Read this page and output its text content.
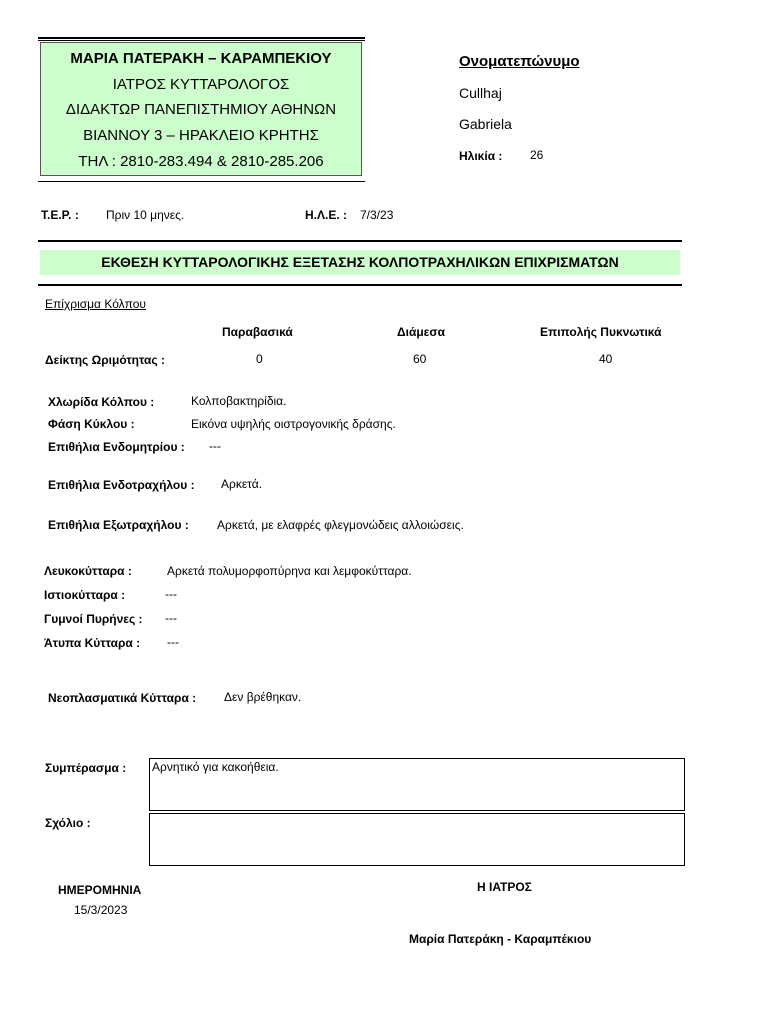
ΜΑΡΙΑ ΠΑΤΕΡΑΚΗ – ΚΑΡΑΜΠΕΚΙΟΥ
ΙΑΤΡΟΣ ΚΥΤΤΑΡΟΛΟΓΟΣ
ΔΙΔΑΚΤΩΡ ΠΑΝΕΠΙΣΤΗΜΙΟΥ ΑΘΗΝΩΝ
ΒΙΑΝΝΟΥ 3 – ΗΡΑΚΛΕΙΟ ΚΡΗΤΗΣ
ΤΗΛ : 2810-283.494 & 2810-285.206
Ονοματεπώνυμο
Cullhaj
Gabriela
Ηλικία : 26
Τ.Ε.Ρ. : Πριν 10 μηνες.	Η.Λ.Ε. : 7/3/23
ΕΚΘΕΣΗ ΚΥΤΤΑΡΟΛΟΓΙΚΗΣ ΕΞΕΤΑΣΗΣ ΚΟΛΠΟΤΡΑΧΗΛΙΚΩΝ ΕΠΙΧΡΙΣΜΑΤΩΝ
Επίχρισμα Κόλπου
Παραβασικά	Διάμεσα	Επιπολής Πυκνωτικά
Δείκτης Ωριμότητας :	0	60	40
Χλωρίδα Κόλπου :	Κολποβακτηρίδια.
Φάση Κύκλου :	Εικόνα υψηλής οιστρογονικής δράσης.
Επιθήλια Ενδομητρίου : ---
Επιθήλια Ενδοτραχήλου : Αρκετά.
Επιθήλια Εξωτραχήλου : Αρκετά, με ελαφρές φλεγμονώδεις αλλοιώσεις.
Λευκοκύτταρα :	Αρκετά πολυμορφοπύρηνα και λεμφοκύτταρα.
Ιστιοκύτταρα :	---
Γυμνοί Πυρήνες : ---
Άτυπα Κύτταρα : ---
Νεοπλασματικά Κύτταρα : Δεν βρέθηκαν.
Συμπέρασμα : Αρνητικό για κακοήθεια.
Σχόλιο :
ΗΜΕΡΟΜΗΝΙΑ
15/3/2023
Η ΙΑΤΡΟΣ
Μαρία Πατεράκη - Καραμπέκιου
